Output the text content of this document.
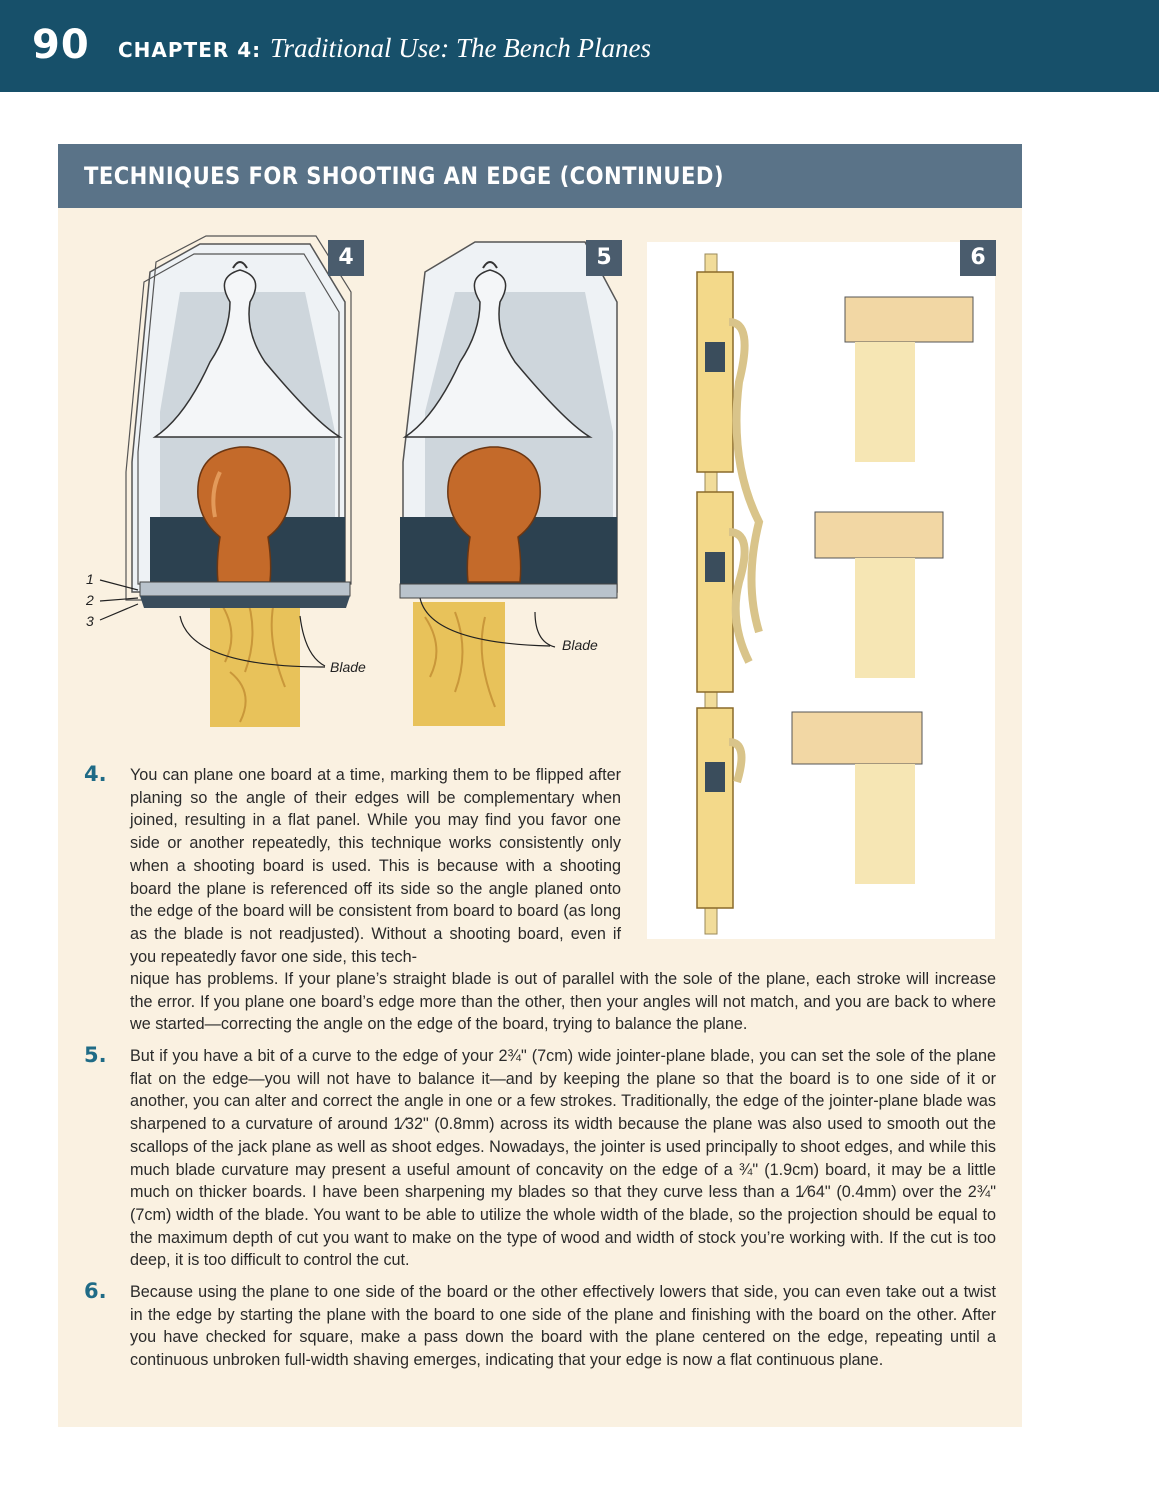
90 CHAPTER 4: Traditional Use: The Bench Planes
TECHNIQUES FOR SHOOTING AN EDGE (CONTINUED)
1
2
3
Blade
4
Blade
5	6
4. You can plane one board at a time, marking them to be flipped after planing so the angle of their edges will be complementary when joined, resulting in a flat panel. While you may find you favor one side or another repeatedly, this technique works consistently only when a shooting board is used. This is because with a shooting board the plane is referenced off its side so the angle planed onto the edge of the board will be consistent from board to board (as long as the blade is not readjusted). Without a shooting board, even if you repeatedly favor one side, this tech-
nique has problems. If your plane’s straight blade is out of parallel with the sole of the plane, each stroke will increase the error. If you plane one board’s edge more than the other, then your angles will not match, and you are back to where we started—correcting the angle on the edge of the board, trying to balance the plane.
5. But if you have a bit of a curve to the edge of your 2¾" (7cm) wide jointer-plane blade, you can set the sole of the plane flat on the edge—you will not have to balance it—and by keeping the plane so that the board is to one side of it or another, you can alter and correct the angle in one or a few strokes. Traditionally, the edge of the jointer-plane blade was sharpened to a curvature of around 1⁄32" (0.8mm) across its width because the plane was also used to smooth out the scallops of the jack plane as well as shoot edges. Nowadays, the jointer is used principally to shoot edges, and while this much blade curvature may present a useful amount of concavity on the edge of a ¾" (1.9cm) board, it may be a little much on thicker boards. I have been sharpening my blades so that they curve less than a 1⁄64" (0.4mm) over the 2¾" (7cm) width of the blade. You want to be able to utilize the whole width of the blade, so the projection should be equal to the maximum depth of cut you want to make on the type of wood and width of stock you’re working with. If the cut is too deep, it is too difficult to control the cut.
6. Because using the plane to one side of the board or the other effectively lowers that side, you can even take out a twist in the edge by starting the plane with the board to one side of the plane and finishing with the board on the other. After you have checked for square, make a pass down the board with the plane centered on the edge, repeating until a continuous unbroken full-width shaving emerges, indicating that your edge is now a flat continuous plane.
